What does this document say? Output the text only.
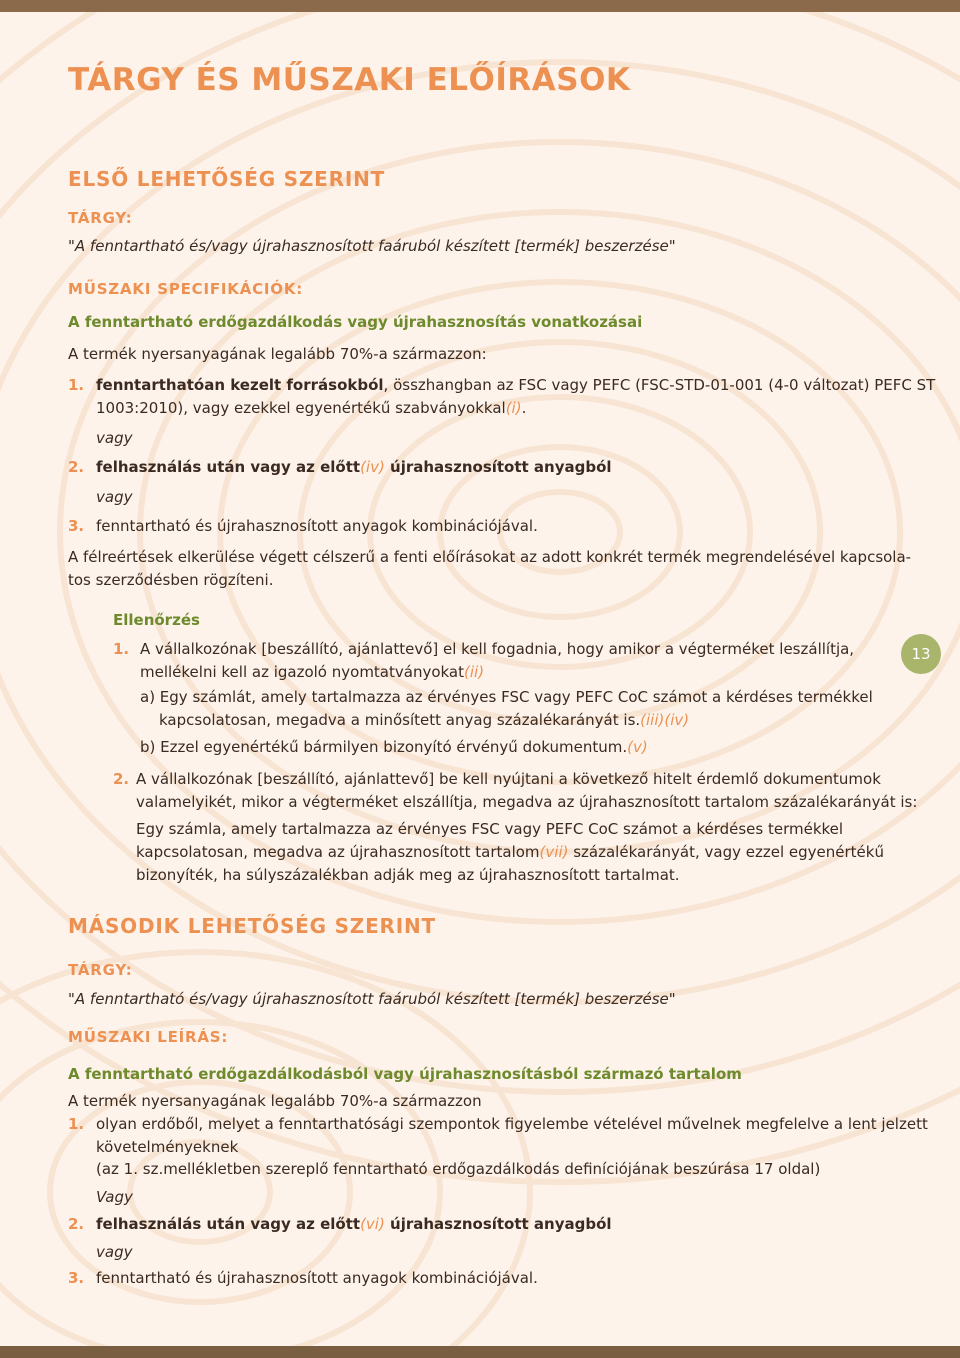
TÁRGY ÉS MŰSZAKI ELŐÍRÁSOK
ELSŐ LEHETŐSÉG SZERINT
TÁRGY:
"A fenntartható és/vagy újrahasznosított faáruból készített [termék] beszerzése"
MŰSZAKI SPECIFIKÁCIÓK:
A fenntartható erdőgazdálkodás vagy újrahasznosítás vonatkozásai
A termék nyersanyagának legalább 70%-a származzon:
1. fenntarthatóan kezelt forrásokból, összhangban az FSC vagy PEFC (FSC-STD-01-001 (4-0 változat) PEFC ST
1003:2010), vagy ezekkel egyenértékű szabványokkal(i).
vagy
2. felhasználás után vagy az előtt(iv) újrahasznosított anyagból
vagy
3. fenntartható és újrahasznosított anyagok kombinációjával.
A félreértések elkerülése végett célszerű a fenti előírásokat az adott konkrét termék megrendelésével kapcsola-
tos szerződésben rögzíteni.
Ellenőrzés
1. A vállalkozónak [beszállító, ajánlattevő] el kell fogadnia, hogy amikor a végterméket leszállítja,
mellékelni kell az igazoló nyomtatványokat(ii)
a) Egy számlát, amely tartalmazza az érvényes FSC vagy PEFC CoC számot a kérdéses termékkel
kapcsolatosan, megadva a minősített anyag százalékarányát is.(iii)(iv)
b) Ezzel egyenértékű bármilyen bizonyító érvényű dokumentum.(v)
2. A vállalkozónak [beszállító, ajánlattevő] be kell nyújtani a következő hitelt érdemlő dokumentumok
valamelyikét, mikor a végterméket elszállítja, megadva az újrahasznosított tartalom százalékarányát is:
Egy számla, amely tartalmazza az érvényes FSC vagy PEFC CoC számot a kérdéses termékkel
kapcsolatosan, megadva az újrahasznosított tartalom(vii) százalékarányát, vagy ezzel egyenértékű
bizonyíték, ha súlyszázalékban adják meg az újrahasznosított tartalmat.
13
MÁSODIK LEHETŐSÉG SZERINT
TÁRGY:
"A fenntartható és/vagy újrahasznosított faáruból készített [termék] beszerzése"
MŰSZAKI LEÍRÁS:
A fenntartható erdőgazdálkodásból vagy újrahasznosításból származó tartalom
A termék nyersanyagának legalább 70%-a származzon
1. olyan erdőből, melyet a fenntarthatósági szempontok figyelembe vételével művelnek megfelelve a lent jelzett
követelményeknek
(az 1. sz.mellékletben szereplő fenntartható erdőgazdálkodás definíciójának beszúrása 17 oldal)
Vagy
2. felhasználás után vagy az előtt(vi) újrahasznosított anyagból
vagy
3. fenntartható és újrahasznosított anyagok kombinációjával.
